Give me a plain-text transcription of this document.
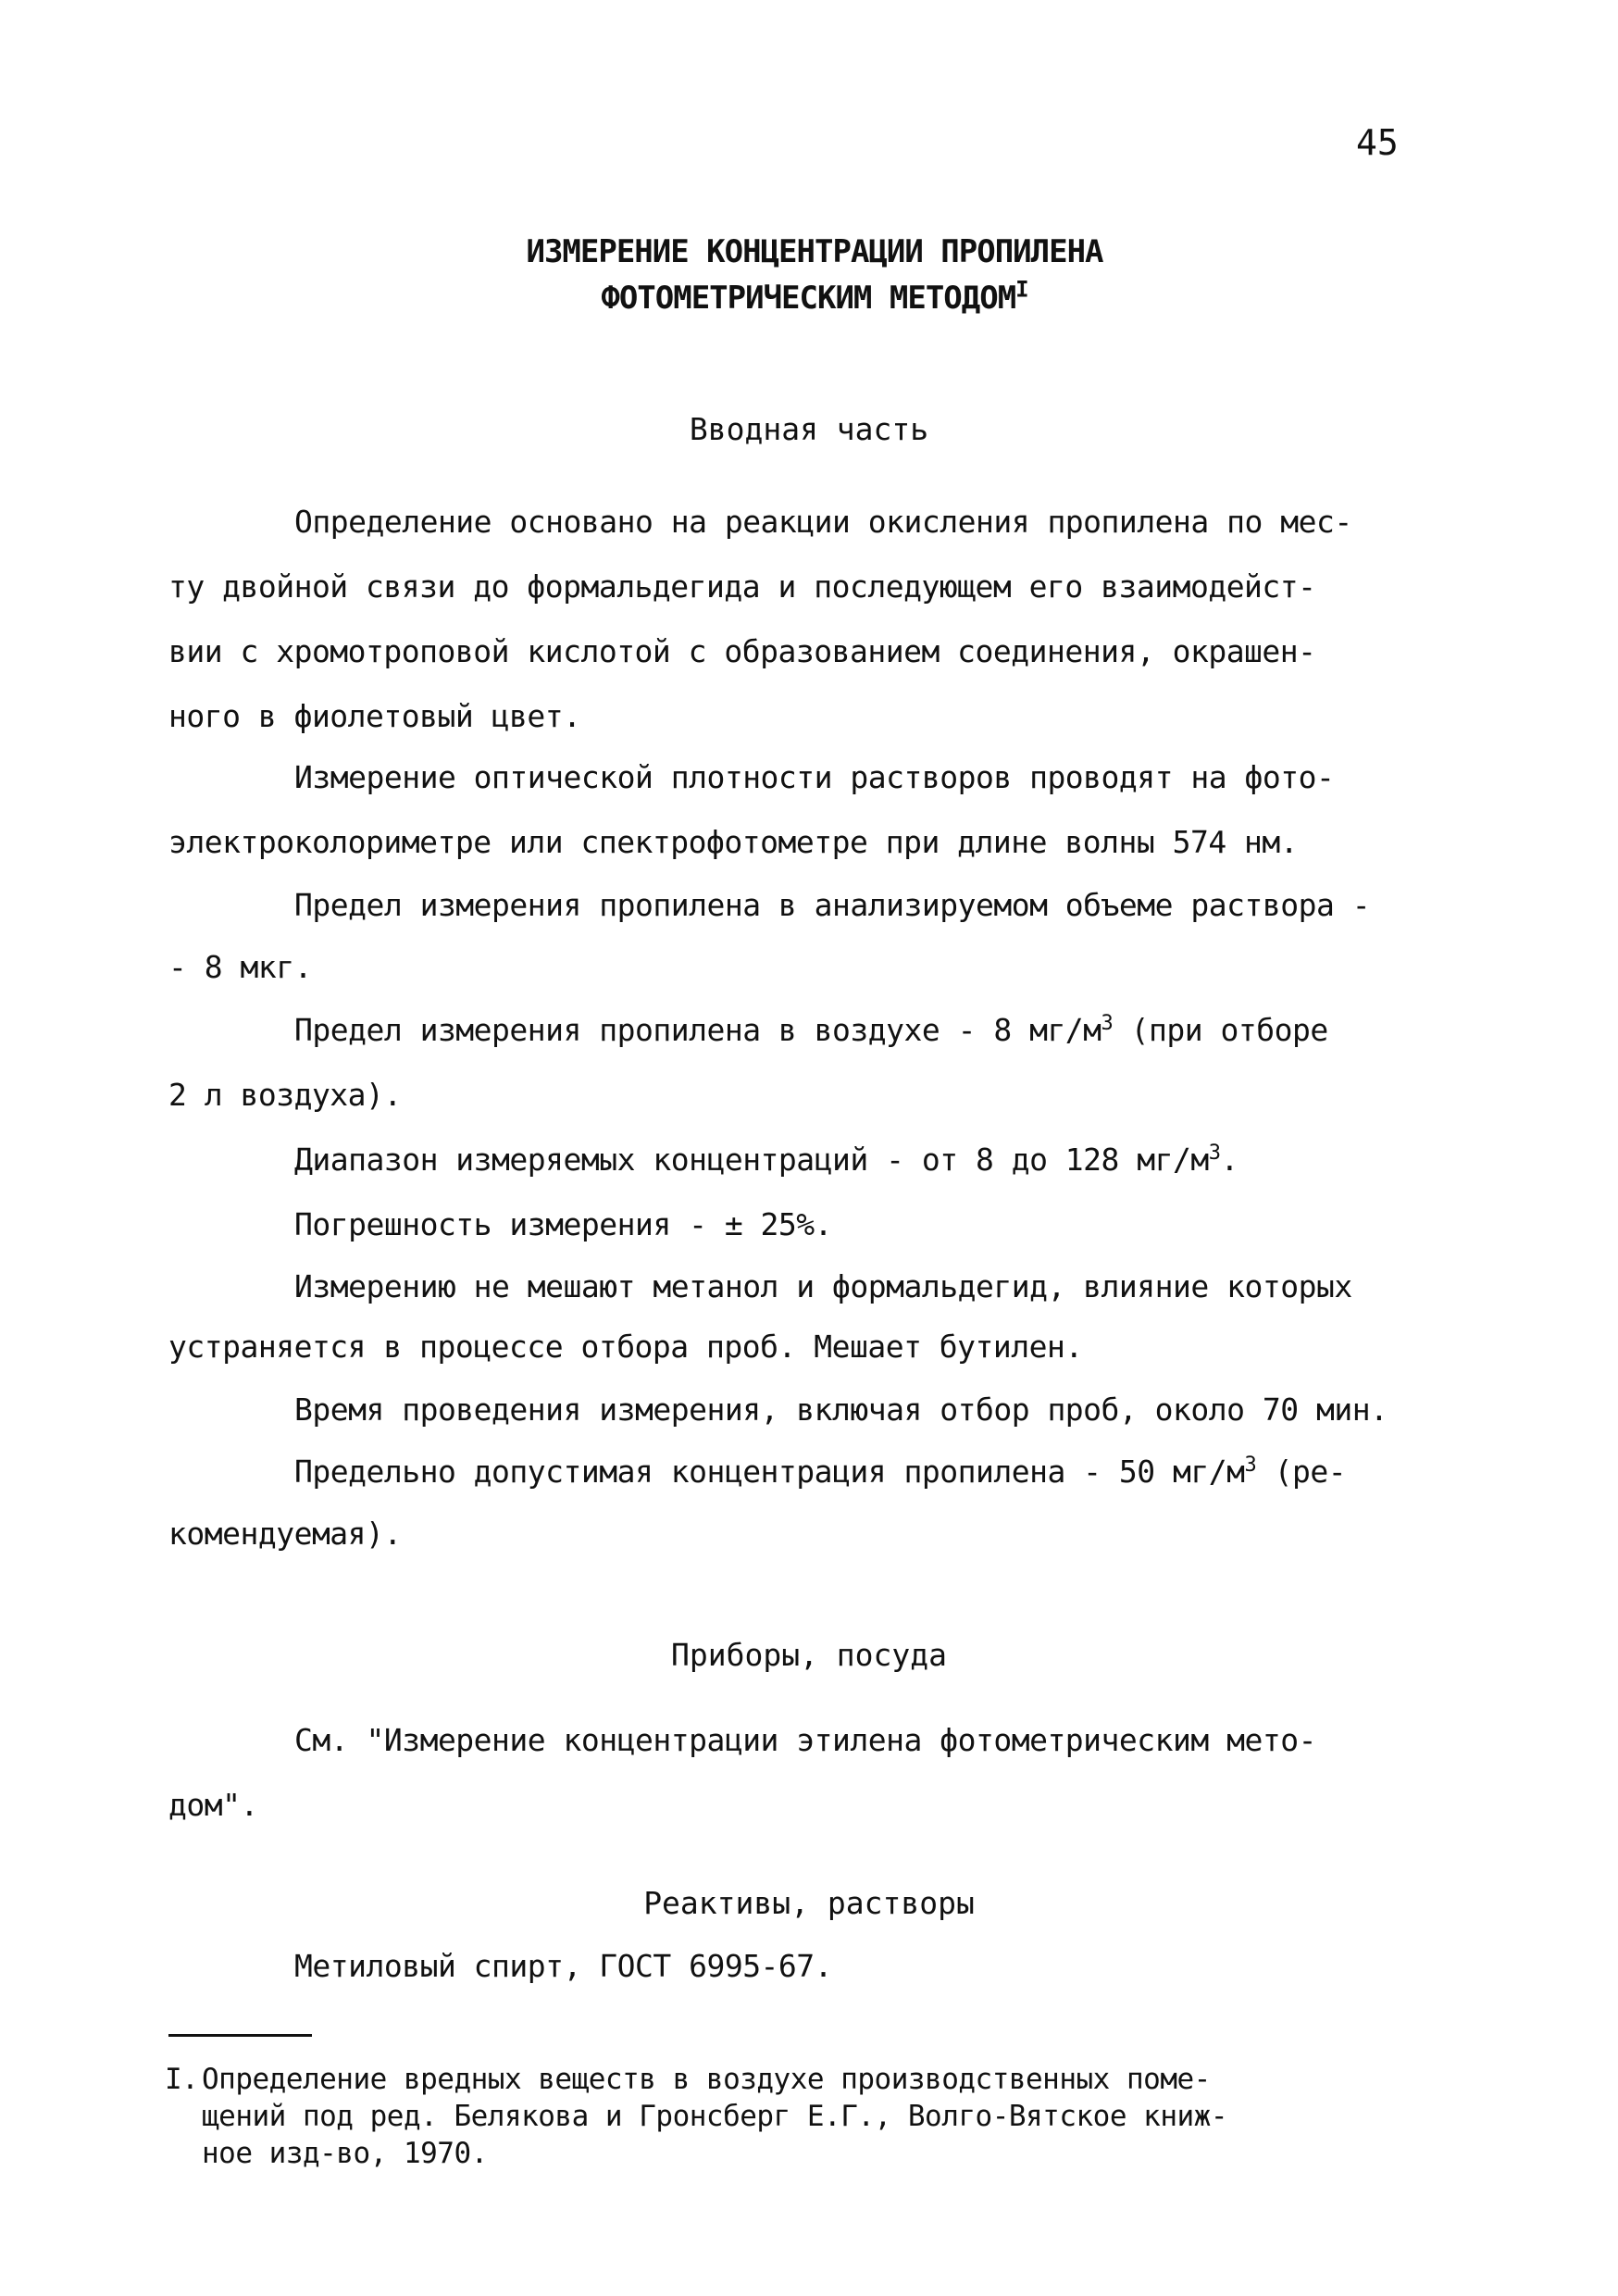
45
ИЗМЕРЕНИЕ КОНЦЕНТРАЦИИ ПРОПИЛЕНА
ФОТОМЕТРИЧЕСКИМ $МЕТОДОМ^I$
Вводная часть
Определение основано на реакции окисления пропилена по мес-
ту двойной связи до формальдегида и последующем его взаимодейст-
вии с хромотроповой кислотой с образованием соединения, окрашен-
ного в фиолетовый цвет.
Измерение оптической плотности растворов проводят на фото-
электроколориметре или спектрофотометре при длине волны 574 нм.
Предел измерения пропилена в анализируемом объеме раствора -
- 8 мкг.
Предел измерения пропилена в воздухе - 8 $мг/м^3$ (при отборе
2 л воздуха).
Диапазон измеряемых концентраций - от 8 до 128 $мг/м^3$.
Погрешность измерения - ± 25%.
Измерению не мешают метанол и формальдегид, влияние которых
устраняется в процессе отбора проб. Мешает бутилен.
Время проведения измерения, включая отбор проб, около 70 мин.
Предельно допустимая концентрация пропилена - 50 $мг/м^3$ (ре-
комендуемая).
Приборы, посуда
См. "Измерение концентрации этилена фотометрическим мето-
дом".
Реактивы, растворы
Метиловый спирт, ГОСТ 6995-67.
I. Определение вредных веществ в воздухе производственных поме-
щений под ред. Белякова и Гронсберг Е.Г., Волго-Вятское книж-
ное изд-во, 1970.
